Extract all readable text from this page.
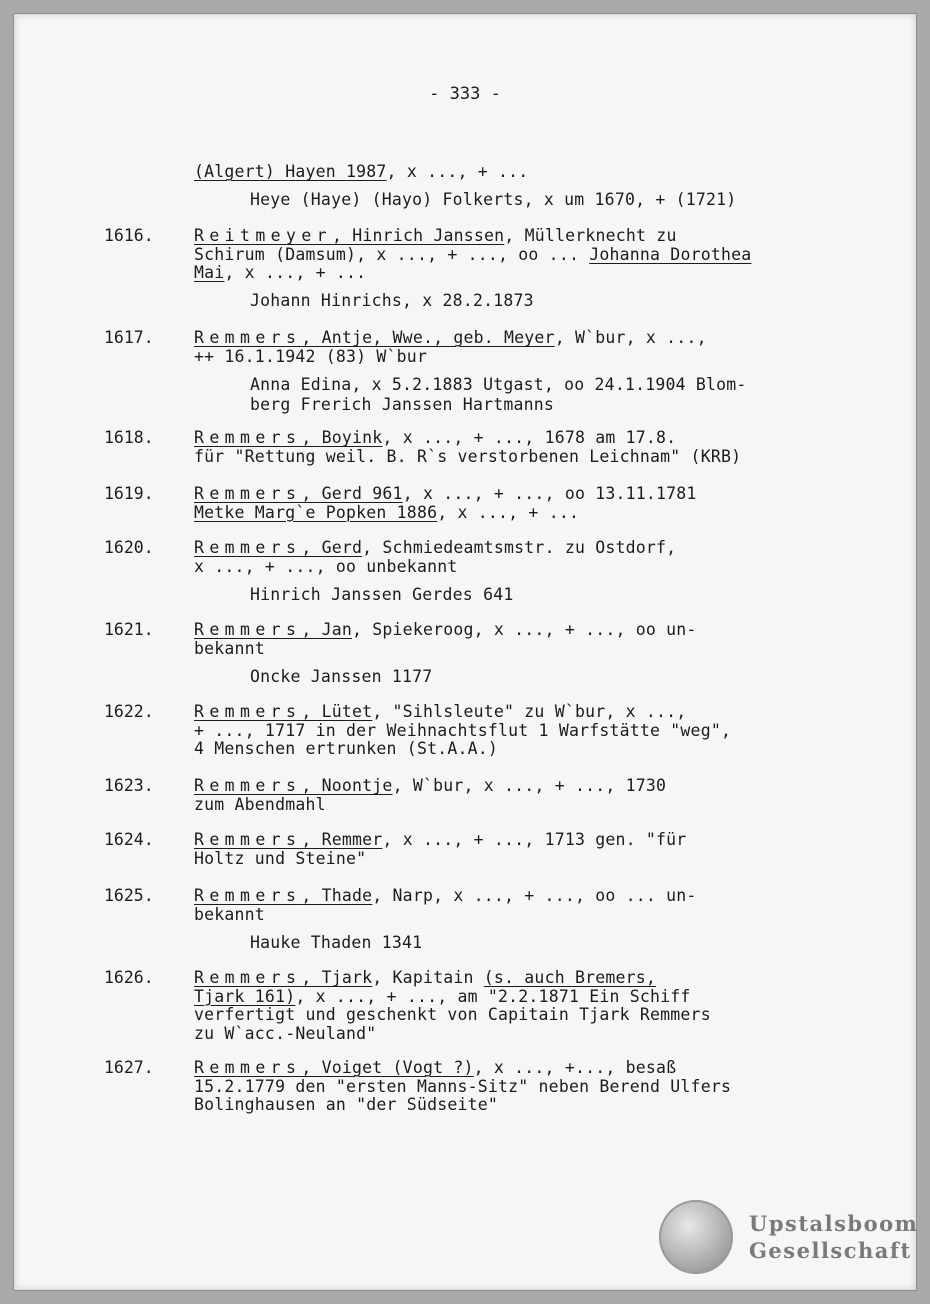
- 333 -
Upstalsboom
Gesellschaft
(Algert) Hayen 1987, x ..., + ...
Heye (Haye) (Hayo) Folkerts, x um 1670, + (1721)
1616. Reitmeyer, Hinrich Janssen, Müllerknecht zu
Schirum (Damsum), x ..., + ..., oo ... Johanna Dorothea
Mai, x ..., + ...
Johann Hinrichs, x 28.2.1873
1617. Remmers, Antje, Wwe., geb. Meyer, W`bur, x ...,
++ 16.1.1942 (83) W`bur
Anna Edina, x 5.2.1883 Utgast, oo 24.1.1904 Blom-
berg Frerich Janssen Hartmanns
1618. Remmers, Boyink, x ..., + ..., 1678 am 17.8.
für "Rettung weil. B. R`s verstorbenen Leichnam" (KRB)
1619. Remmers, Gerd 961, x ..., + ..., oo 13.11.1781
Metke Marg`e Popken 1886, x ..., + ...
1620. Remmers, Gerd, Schmiedeamtsmstr. zu Ostdorf,
x ..., + ..., oo unbekannt
Hinrich Janssen Gerdes 641
1621. Remmers, Jan, Spiekeroog, x ..., + ..., oo un-
bekannt
Oncke Janssen 1177
1622. Remmers, Lütet, "Sihlsleute" zu W`bur, x ...,
+ ..., 1717 in der Weihnachtsflut 1 Warfstätte "weg",
4 Menschen ertrunken (St.A.A.)
1623. Remmers, Noontje, W`bur, x ..., + ..., 1730
zum Abendmahl
1624. Remmers, Remmer, x ..., + ..., 1713 gen. "für
Holtz und Steine"
1625. Remmers, Thade, Narp, x ..., + ..., oo ... un-
bekannt
Hauke Thaden 1341
1626. Remmers, Tjark, Kapitain (s. auch Bremers,
Tjark 161), x ..., + ..., am "2.2.1871 Ein Schiff
verfertigt und geschenkt von Capitain Tjark Remmers
zu W`acc.-Neuland"
1627. Remmers, Voiget (Vogt ?), x ..., +..., besaß
15.2.1779 den "ersten Manns-Sitz" neben Berend Ulfers
Bolinghausen an "der Südseite"
